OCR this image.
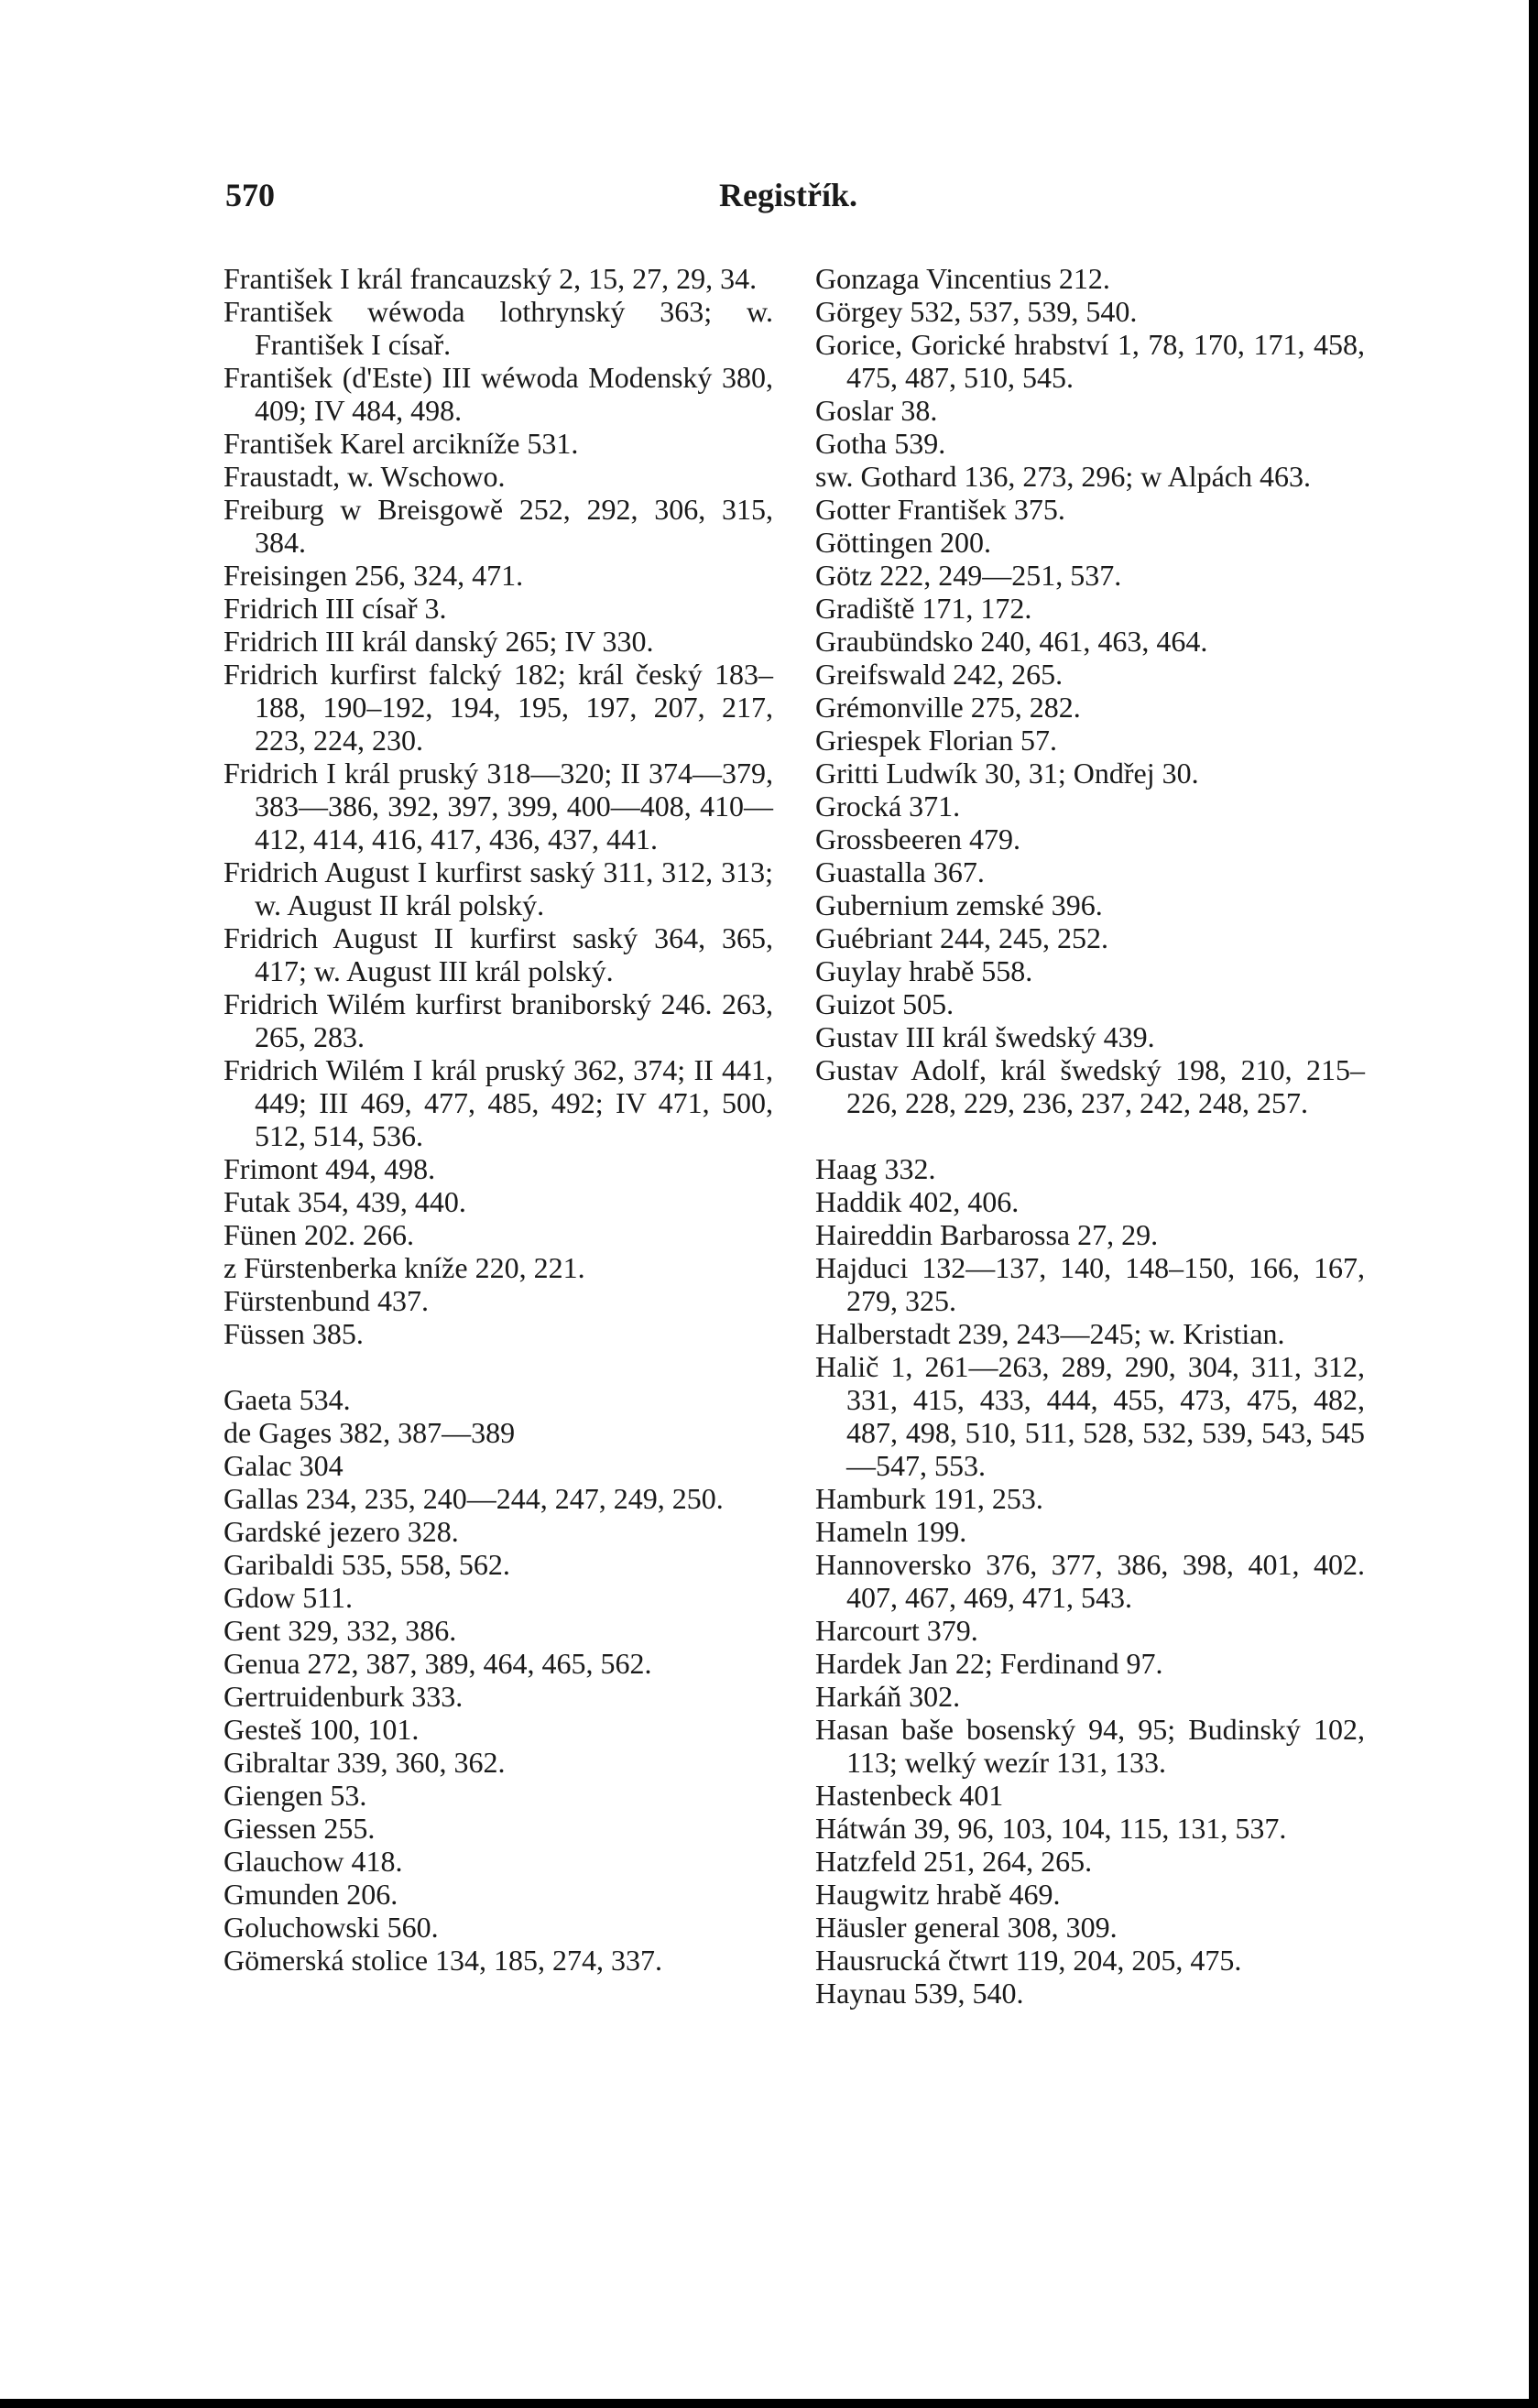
570	Registřík.

František I král francauzský 2, 15, 27, 29, 34.

František wéwoda lothrynský 363; w. František I císař.

František (d'Este) III wéwoda Modenský 380, 409; IV 484, 498.

František Karel arcikníže 531.

Fraustadt, w. Wschowo.

Freiburg w Breisgowě 252, 292, 306, 315, 384.

Freisingen 256, 324, 471.

Fridrich III císař 3.

Fridrich III král danský 265; IV 330.

Fridrich kurfirst falcký 182; král český 183–188, 190–192, 194, 195, 197, 207, 217, 223, 224, 230.

Fridrich I král pruský 318—320; II 374—379, 383—386, 392, 397, 399, 400—408, 410—412, 414, 416, 417, 436, 437, 441.

Fridrich August I kurfirst saský 311, 312, 313; w. August II král polský.

Fridrich August II kurfirst saský 364, 365, 417; w. August III král polský.

Fridrich Wilém kurfirst braniborský 246. 263, 265, 283.

Fridrich Wilém I král pruský 362, 374; II 441, 449; III 469, 477, 485, 492; IV 471, 500, 512, 514, 536.

Frimont 494, 498.

Futak 354, 439, 440.

Fünen 202. 266.

z Fürstenberka kníže 220, 221.

Fürstenbund 437.

Füssen 385.

Gaeta 534.

de Gages 382, 387—389

Galac 304

Gallas 234, 235, 240—244, 247, 249, 250.

Gardské jezero 328.

Garibaldi 535, 558, 562.

Gdow 511.

Gent 329, 332, 386.

Genua 272, 387, 389, 464, 465, 562.

Gertruidenburk 333.

Gesteš 100, 101.

Gibraltar 339, 360, 362.

Giengen 53.

Giessen 255.

Glauchow 418.

Gmunden 206.

Goluchowski 560.

Gömerská stolice 134, 185, 274, 337.

Gonzaga Vincentius 212.

Görgey 532, 537, 539, 540.

Gorice, Gorické hrabství 1, 78, 170, 171, 458, 475, 487, 510, 545.

Goslar 38.

Gotha 539.

sw. Gothard 136, 273, 296; w Alpách 463.

Gotter František 375.

Göttingen 200.

Götz 222, 249—251, 537.

Gradiště 171, 172.

Graubündsko 240, 461, 463, 464.

Greifswald 242, 265.

Grémonville 275, 282.

Griespek Florian 57.

Gritti Ludwík 30, 31; Ondřej 30.

Grocká 371.

Grossbeeren 479.

Guastalla 367.

Gubernium zemské 396.

Guébriant 244, 245, 252.

Guylay hrabě 558.

Guizot 505.

Gustav III král šwedský 439.

Gustav Adolf, král šwedský 198, 210, 215–226, 228, 229, 236, 237, 242, 248, 257.

Haag 332.

Haddik 402, 406.

Haireddin Barbarossa 27, 29.

Hajduci 132—137, 140, 148–150, 166, 167, 279, 325.

Halberstadt 239, 243—245; w. Kristian.

Halič 1, 261—263, 289, 290, 304, 311, 312, 331, 415, 433, 444, 455, 473, 475, 482, 487, 498, 510, 511, 528, 532, 539, 543, 545—547, 553.

Hamburk 191, 253.

Hameln 199.

Hannoversko 376, 377, 386, 398, 401, 402. 407, 467, 469, 471, 543.

Harcourt 379.

Hardek Jan 22; Ferdinand 97.

Harkáň 302.

Hasan baše bosenský 94, 95; Budinský 102, 113; welký wezír 131, 133.

Hastenbeck 401

Hátwán 39, 96, 103, 104, 115, 131, 537.

Hatzfeld 251, 264, 265.

Haugwitz hrabě 469.

Häusler general 308, 309.

Hausrucká čtwrt 119, 204, 205, 475.

Haynau 539, 540.
